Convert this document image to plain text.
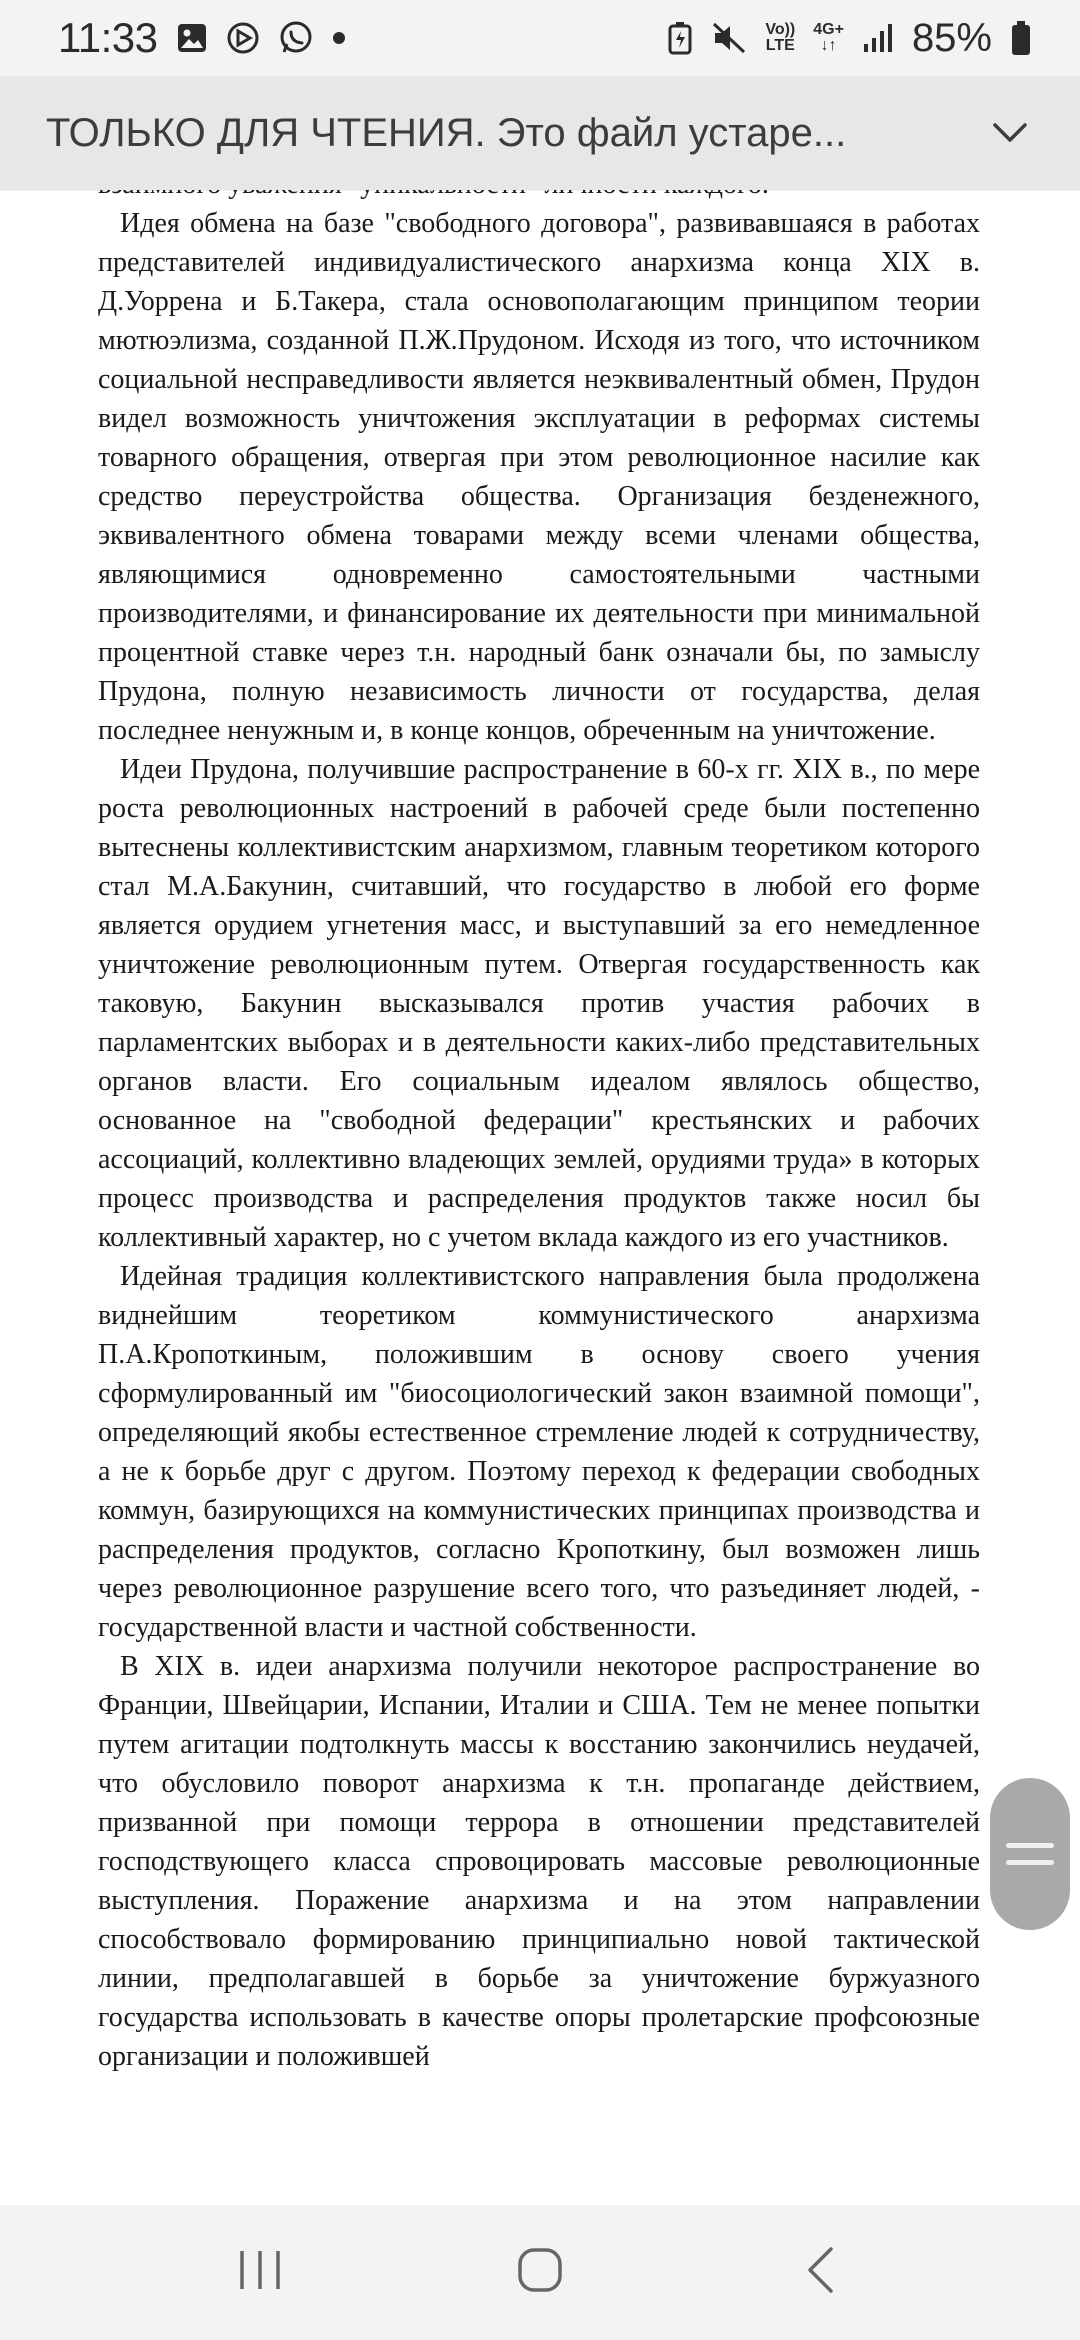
11:33	Vo))
LTE
4G+
↓↑ 85%
ТОЛЬКО ДЛЯ ЧТЕНИЯ. Это файл устаре...

Идея обмена на базе "свободного договора", развивавшаяся в работах представителей индивидуалистического анархизма конца XIX в. Д.Уоррена и Б.Такера, стала основополагающим принципом теории мютюэлизма, созданной П.Ж.Прудоном. Исходя из того, что источником социальной несправедливости является неэквивалентный обмен, Прудон видел возможность уничтожения эксплуатации в реформах системы товарного обращения, отвергая при этом революционное насилие как средство переустройства общества. Организация безденежного, эквивалентного обмена товарами между всеми членами общества, являющимися одновременно самостоятельными частными производителями, и финансирование их деятельности при минимальной процентной ставке через т.н. народный банк означали бы, по замыслу Прудона, полную независимость личности от государства, делая последнее ненужным и, в конце концов, обреченным на уничтожение.

Идеи Прудона, получившие распространение в 60-х гг. XIX в., по мере роста революционных настроений в рабочей среде были постепенно вытеснены коллективистским анархизмом, главным теоретиком которого стал М.А.Бакунин, считавший, что государство в любой его форме является орудием угнетения масс, и выступавший за его немедленное уничтожение революционным путем. Отвергая государственность как таковую, Бакунин высказывался против участия рабочих в парламентских выборах и в деятельности каких-либо представительных органов власти. Его социальным идеалом являлось общество, основанное на "свободной федерации" крестьянских и рабочих ассоциаций, коллективно владеющих землей, орудиями труда» в которых процесс производства и распределения продуктов также носил бы коллективный характер, но с учетом вклада каждого из его участников.

Идейная традиция коллективистского направления была продолжена виднейшим теоретиком коммунистического анархизма П.А.Кропоткиным, положившим в основу своего учения сформулированный им "биосоциологический закон взаимной помощи", определяющий якобы естественное стремление людей к сотрудничеству, а не к борьбе друг с другом. Поэтому переход к федерации свободных коммун, базирующихся на коммунистических принципах производства и распределения продуктов, согласно Кропоткину, был возможен лишь через революционное разрушение всего того, что разъединяет людей, - государственной власти и частной собственности.

В XIX в. идеи анархизма получили некоторое распространение во Франции, Швейцарии, Испании, Италии и США. Тем не менее попытки путем агитации подтолкнуть массы к восстанию закончились неудачей, что обусловило поворот анархизма к т.н. пропаганде действием, призванной при помощи террора в отношении представителей господствующего класса спровоцировать массовые революционные выступления. Поражение анархизма и на этом направлении способствовало формированию принципиально новой тактической линии, предполагавшей в борьбе за уничтожение буржуазного государства использовать в качестве опоры пролетарские профсоюзные организации и положившей
